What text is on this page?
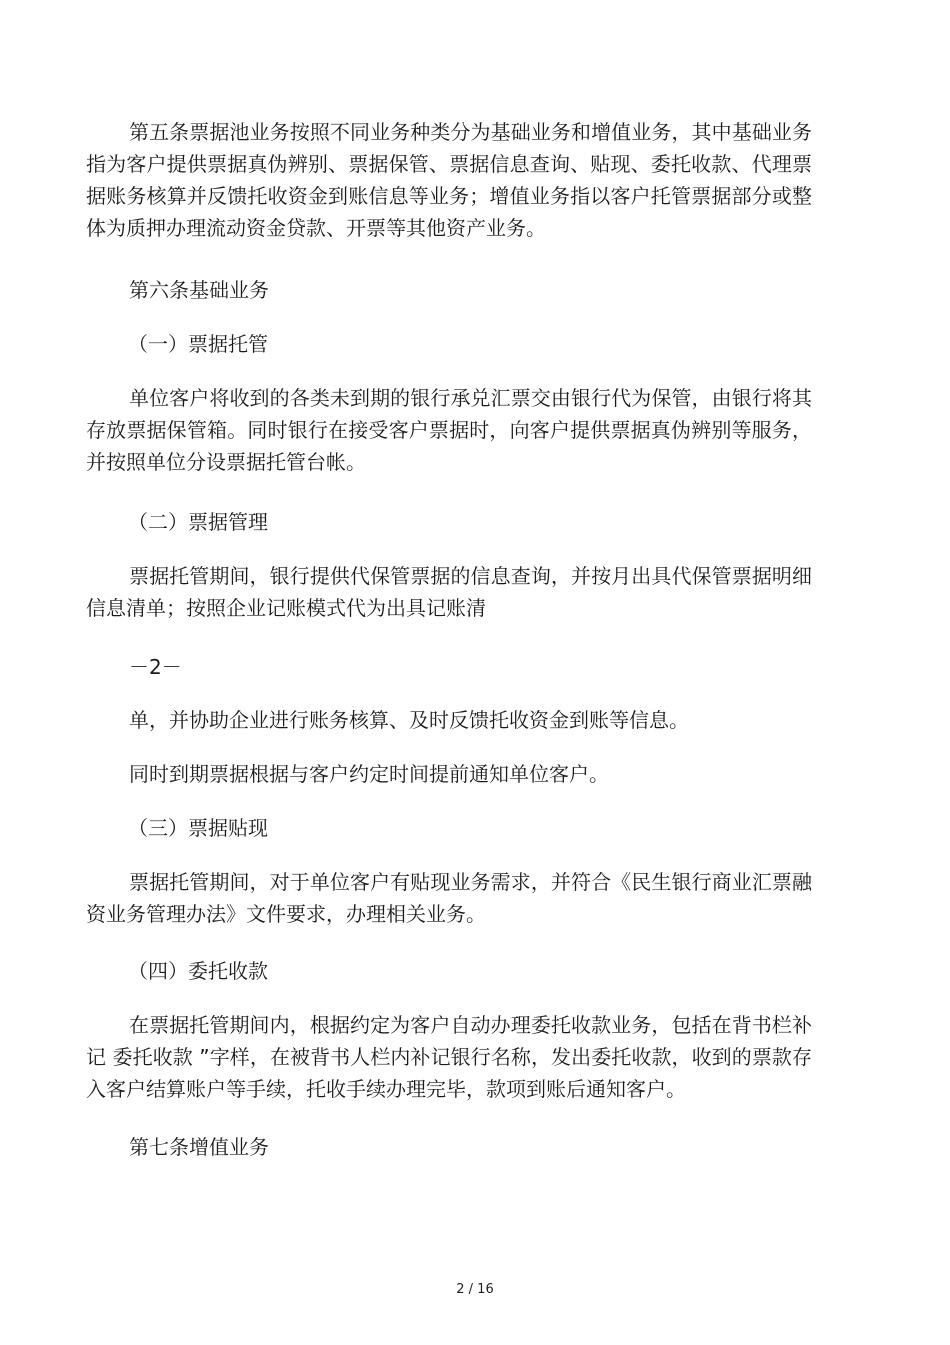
第五条票据池业务按照不同业务种类分为基础业务和增值业务，其中基础业务指为客户提供票据真伪辨别、票据保管、票据信息查询、贴现、委托收款、代理票据账务核算并反馈托收资金到账信息等业务；增值业务指以客户托管票据部分或整体为质押办理流动资金贷款、开票等其他资产业务。

第六条基础业务

（一）票据托管

单位客户将收到的各类未到期的银行承兑汇票交由银行代为保管，由银行将其存放票据保管箱。同时银行在接受客户票据时，向客户提供票据真伪辨别等服务，并按照单位分设票据托管台帐。

（二）票据管理

票据托管期间，银行提供代保管票据的信息查询，并按月出具代保管票据明细信息清单；按照企业记账模式代为出具记账清

－2－

单，并协助企业进行账务核算、及时反馈托收资金到账等信息。

同时到期票据根据与客户约定时间提前通知单位客户。

（三）票据贴现

票据托管期间，对于单位客户有贴现业务需求，并符合《民生银行商业汇票融资业务管理办法》文件要求，办理相关业务。

（四）委托收款

在票据托管期间内，根据约定为客户自动办理委托收款业务，包括在背书栏补记 委托收款 ”字样，在被背书人栏内补记银行名称，发出委托收款，收到的票款存入客户结算账户等手续，托收手续办理完毕，款项到账后通知客户。

第七条增值业务

2 / 16
